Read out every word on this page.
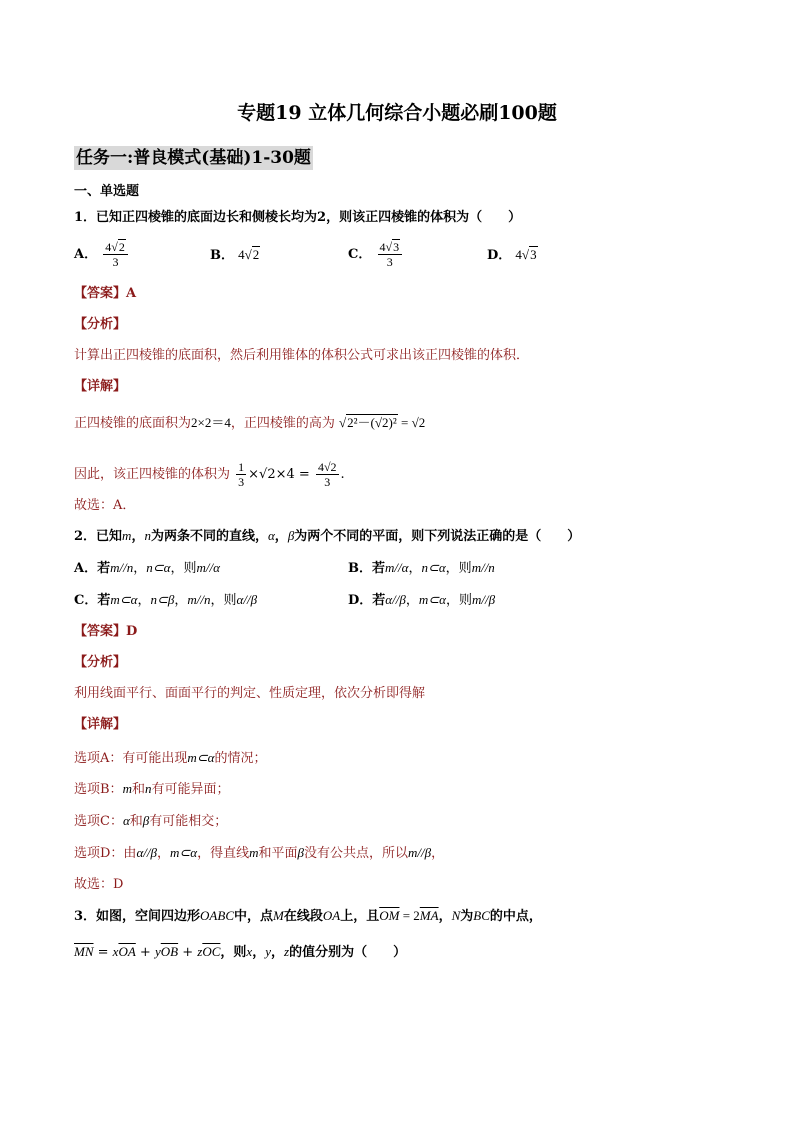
专题19 立体几何综合小题必刷100题
任务一:普良模式(基础)1-30题
一、单选题
1．已知正四棱锥的底面边长和侧棱长均为2，则该正四棱锥的体积为（　　）
A． $\frac{4√2}{3}$	B． 4√2	C． $\frac{4√3}{3}$	D． 4√3
【答案】A
【分析】
计算出正四棱锥的底面积，然后利用锥体的体积公式可求出该正四棱锥的体积．
【详解】
正四棱锥的底面积为2×2＝4，正四棱锥的高为 √2²－(√2)² = √2
因此，该正四棱锥的体积为 $\frac{1}{3} \times√2\times 4 = \frac{4√2}{3}$ .
故选：A．
2．已知m，n为两条不同的直线，α，β为两个不同的平面，则下列说法正确的是（　　）
A．若m//n，n⊂α，则m//α	B．若m//α，n⊂α，则m//n
C．若m⊂α，n⊂β，m//n，则α//β	D．若α//β，m⊂α，则m//β
【答案】D
【分析】
利用线面平行、面面平行的判定、性质定理，依次分析即得解
【详解】
选项A：有可能出现m⊂α的情况；
选项B：m和n有可能异面；
选项C：α和β有可能相交；
选项D：由α//β，m⊂α，得直线m和平面β没有公共点，所以m//β，
故选：D
3．如图，空间四边形OABC中，点M在线段OA上，且$\overline{OM} = 2\overline{MA}$，N为BC的中点，
$\overline{MN} = x\overline{OA} + y\overline{OB} + z\overline{OC}$，则x，y，z的值分别为（　　）
